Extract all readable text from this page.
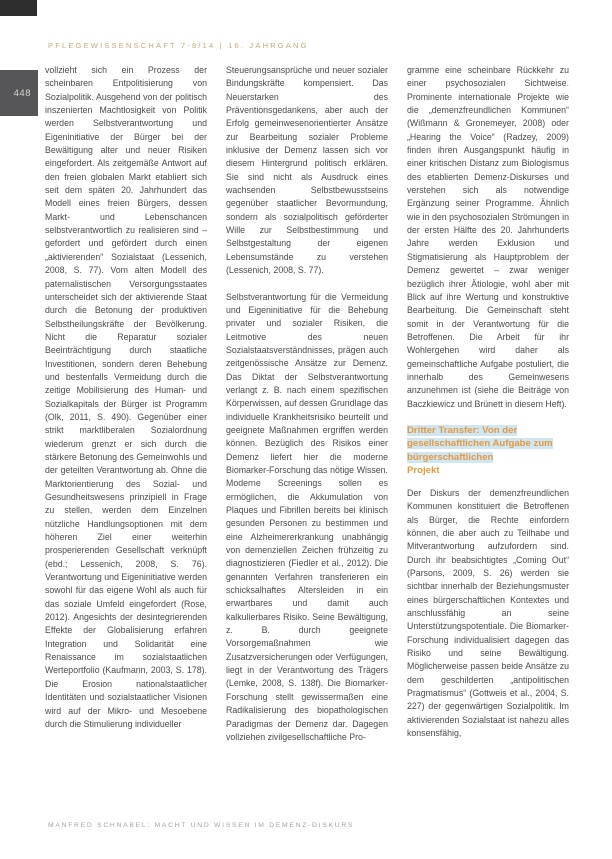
PFLEGEWISSENSCHAFT 7-8/14 | 16. JAHRGANG
448

vollzieht sich ein Prozess der scheinbaren Entpolitisierung von Sozialpolitik. Ausgehend von der politisch inszenierten Machtlosigkeit von Politik werden Selbstverantwortung und Eigeninitiative der Bürger bei der Bewältigung alter und neuer Risiken eingefordert. Als zeitgemäße Antwort auf den freien globalen Markt etabliert sich seit dem späten 20. Jahrhundert das Modell eines freien Bürgers, dessen Markt- und Lebenschancen selbstverantwortlich zu realisieren sind – gefordert und gefördert durch einen „aktivierenden“ Sozialstaat (Lessenich, 2008, S. 77). Vom alten Modell des paternalistischen Versorgungsstaates unterscheidet sich der aktivierende Staat durch die Betonung der produktiven Selbstheilungskräfte der Bevölkerung. Nicht die Reparatur sozialer Beeinträchtigung durch staatliche Investitionen, sondern deren Behebung und bestenfalls Vermeidung durch die zeitige Mobilisierung des Human- und Sozialkapitals der Bürger ist Programm (Olk, 2011, S. 490). Gegenüber einer strikt marktliberalen Sozialordnung wiederum grenzt er sich durch die stärkere Betonung des Gemeinwohls und der geteilten Verantwortung ab. Ohne die Marktorientierung des Sozial- und Gesundheitswesens prinzipiell in Frage zu stellen, werden dem Einzelnen nützliche Handlungsoptionen mit dem höheren Ziel einer weiterhin prosperierenden Gesellschaft verknüpft (ebd.; Lessenich, 2008, S. 76). Verantwortung und Eigeninitiative werden sowohl für das eigene Wohl als auch für das soziale Umfeld eingefordert (Rose, 2012). Angesichts der desintegrierenden Effekte der Globalisierung erfahren Integration und Solidarität eine Renaissance im sozialstaatlichen Werteportfolio (Kaufmann, 2003, S. 178). Die Erosion nationalstaatlicher Identitäten und sozialstaatlicher Visionen wird auf der Mikro- und Mesoebene durch die Stimulierung individueller

Steuerungsansprüche und neuer sozialer Bindungskräfte kompensiert. Das Neuerstarken des Präventionsgedankens, aber auch der Erfolg gemeinwesenorientierter Ansätze zur Bearbeitung sozialer Probleme inklusive der Demenz lassen sich vor diesem Hintergrund politisch erklären. Sie sind nicht als Ausdruck eines wachsenden Selbstbewusstseins gegenüber staatlicher Bevormundung, sondern als sozialpolitisch geförderter Wille zur Selbstbestimmung und Selbstgestaltung der eigenen Lebensumstände zu verstehen (Lessenich, 2008, S. 77).

Selbstverantwortung für die Vermeidung und Eigeninitiative für die Behebung privater und sozialer Risiken, die Leitmotive des neuen Sozialstaatsverständnisses, prägen auch zeitgenössische Ansätze zur Demenz. Das Diktat der Selbstverantwortung verlangt z. B. nach einem spezifischen Körperwissen, auf dessen Grundlage das individuelle Krankheitsrisiko beurteilt und geeignete Maßnahmen ergriffen werden können. Bezüglich des Risikos einer Demenz liefert hier die moderne Biomarker-Forschung das nötige Wissen. Moderne Screenings sollen es ermöglichen, die Akkumulation von Plaques und Fibrillen bereits bei klinisch gesunden Personen zu bestimmen und eine Alzheimererkrankung unabhängig von demenziellen Zeichen frühzeitig zu diagnostizieren (Fiedler et al., 2012). Die genannten Verfahren transferieren ein schicksalhaftes Altersleiden in ein erwartbares und damit auch kalkulierbares Risiko. Seine Bewältigung, z. B. durch geeignete Vorsorgemaßnahmen wie Zusatzversicherungen oder Verfügungen, liegt in der Verantwortung des Trägers (Lemke, 2008, S. 138f). Die Biomarker-Forschung stellt gewissermaßen eine Radikalisierung des biopathologischen Paradigmas der Demenz dar. Dagegen vollziehen zivilgesellschaftliche Pro-

gramme eine scheinbare Rückkehr zu einer psychosozialen Sichtweise. Prominente internationale Projekte wie die „demenzfreundlichen Kommunen“ (Wißmann & Gronemeyer, 2008) oder „Hearing the Voice“ (Radzey, 2009) finden ihren Ausgangspunkt häufig in einer kritischen Distanz zum Biologismus des etablierten Demenz-Diskurses und verstehen sich als notwendige Ergänzung seiner Programme. Ähnlich wie in den psychosozialen Strömungen in der ersten Hälfte des 20. Jahrhunderts Jahre werden Exklusion und Stigmatisierung als Hauptproblem der Demenz gewertet – zwar weniger bezüglich ihrer Ätiologie, wohl aber mit Blick auf ihre Wertung und konstruktive Bearbeitung. Die Gemeinschaft steht somit in der Verantwortung für die Betroffenen. Die Arbeit für ihr Wohlergehen wird daher als gemeinschaftliche Aufgabe postuliert, die innerhalb des Gemeinwesens anzunehmen ist (siehe die Beiträge von Baczkiewicz und Brünett in diesem Heft).

Dritter Transfer: Von der gesellschaftlichen Aufgabe zum bürgerschaftlichen
Projekt

Der Diskurs der demenzfreundlichen Kommunen konstituiert die Betroffenen als Bürger, die Rechte einfordern können, die aber auch zu Teilhabe und Mitverantwortung aufzufordern sind. Durch ihr beabsichtigtes „Coming Out“ (Parsons, 2009, S. 26) werden sie sichtbar innerhalb der Beziehungsmuster eines bürgerschaftlichen Kontextes und anschlussfähig an seine Unterstützungspotentiale. Die Biomarker-Forschung individualisiert dagegen das Risiko und seine Bewältigung. Möglicherweise passen beide Ansätze zu dem geschilderten „antipolitischen Pragmatismus“ (Gottweis et al., 2004, S. 227) der gegenwärtigen Sozialpolitik. Im aktivierenden Sozialstaat ist nahezu alles konsensfähig,

MANFRED SCHNABEL: MACHT UND WISSEN IM DEMENZ-DISKURS
